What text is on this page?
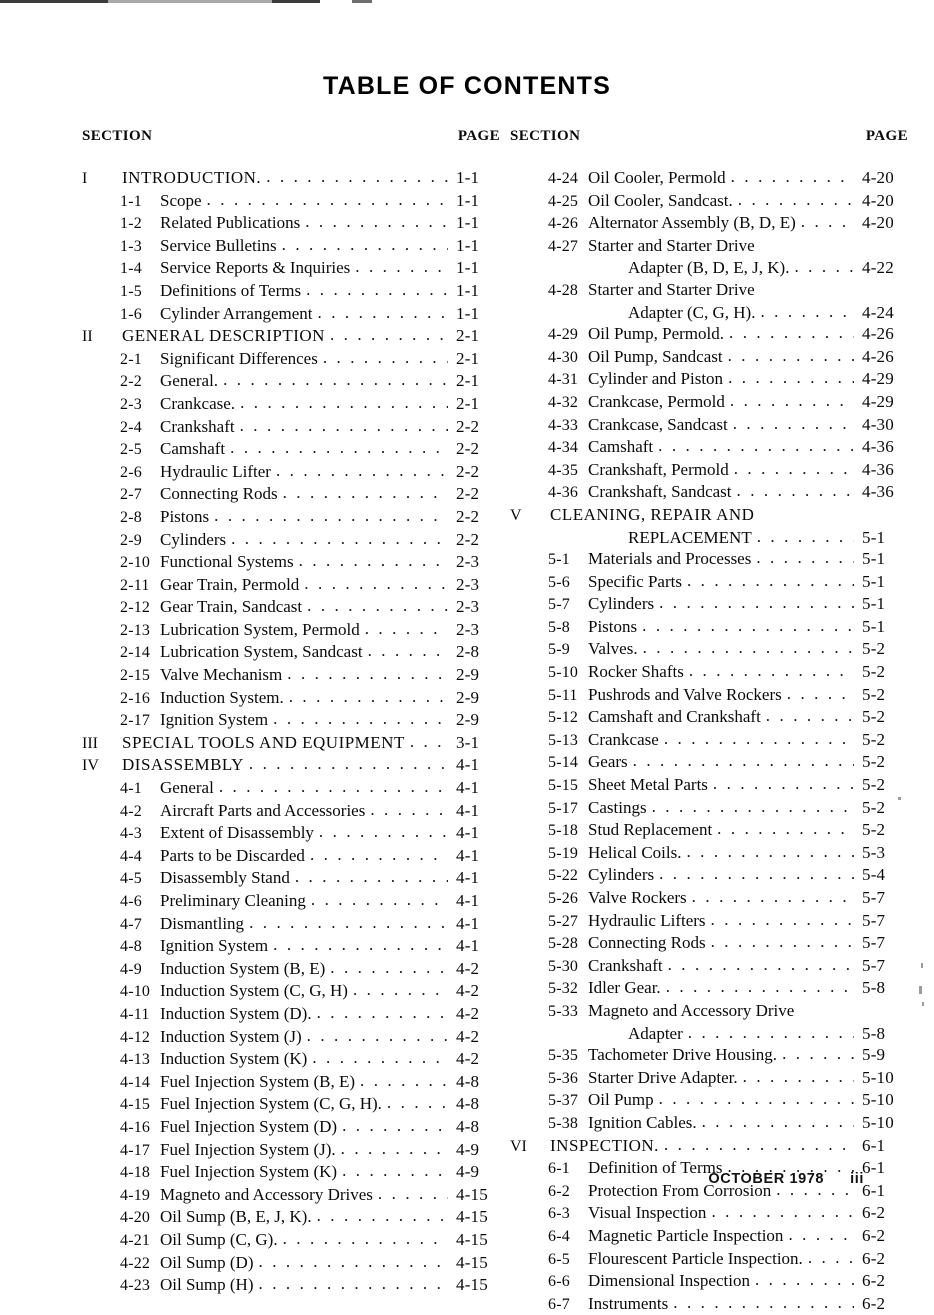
TABLE OF CONTENTS
SECTION	PAGE
I	INTRODUCTION. . . .	1-1
1-1	Scope . . .	1-1
1-2	Related Publications . . .	1-1
1-3	Service Bulletins . . .	1-1
1-4	Service Reports & Inquiries . . .	1-1
1-5	Definitions of Terms . . .	1-1
1-6	Cylinder Arrangement . . .	1-1
II	GENERAL DESCRIPTION . . .	2-1
2-1	Significant Differences . . .	2-1
2-2	General. . . .	2-1
2-3	Crankcase. . . .	2-1
2-4	Crankshaft . . .	2-2
2-5	Camshaft . . .	2-2
2-6	Hydraulic Lifter . . .	2-2
2-7	Connecting Rods . . .	2-2
2-8	Pistons . . .	2-2
2-9	Cylinders . . .	2-2
2-10 Functional Systems . . .	2-3
2-11 Gear Train, Permold . . .	2-3
2-12 Gear Train, Sandcast . . .	2-3
2-13 Lubrication System, Permold . . .	2-3
2-14 Lubrication System, Sandcast . . .	2-8
2-15 Valve Mechanism . . .	2-9
2-16 Induction System. . . .	2-9
2-17 Ignition System . . .	2-9
III	SPECIAL TOOLS AND EQUIPMENT . . .	3-1
IV	DISASSEMBLY . . .	4-1
4-1	General . . .	4-1
4-2	Aircraft Parts and Accessories . . .	4-1
4-3	Extent of Disassembly . . .	4-1
4-4	Parts to be Discarded . . .	4-1
4-5	Disassembly Stand . . .	4-1
4-6	Preliminary Cleaning . . .	4-1
4-7	Dismantling . . .	4-1
4-8	Ignition System . . .	4-1
4-9	Induction System (B, E) . . .	4-2
4-10 Induction System (C, G, H) . . .	4-2
4-11 Induction System (D). . . .	4-2
4-12 Induction System (J) . . .	4-2
4-13 Induction System (K) . . .	4-2
4-14 Fuel Injection System (B, E) . . .	4-8
4-15 Fuel Injection System (C, G, H). . . .	4-8
4-16 Fuel Injection System (D) . . .	4-8
4-17 Fuel Injection System (J). . . .	4-9
4-18 Fuel Injection System (K) . . .	4-9
4-19 Magneto and Accessory Drives . . .	4-15
4-20 Oil Sump (B, E, J, K). . . .	4-15
4-21 Oil Sump (C, G). . . .	4-15
4-22 Oil Sump (D) . . .	4-15
4-23 Oil Sump (H) . . .	4-15
SECTION	PAGE
4-24 Oil Cooler, Permold . . .	4-20
4-25 Oil Cooler, Sandcast. . . .	4-20
4-26 Alternator Assembly (B, D, E) . . .	4-20
4-27 Starter and Starter Drive
Adapter (B, D, E, J, K). . . .	4-22
4-28 Starter and Starter Drive
Adapter (C, G, H). . . .	4-24
4-29 Oil Pump, Permold. . . .	4-26
4-30 Oil Pump, Sandcast . . .	4-26
4-31 Cylinder and Piston . . .	4-29
4-32 Crankcase, Permold . . .	4-29
4-33 Crankcase, Sandcast . . .	4-30
4-34 Camshaft . . .	4-36
4-35 Crankshaft, Permold . . .	4-36
4-36 Crankshaft, Sandcast . . .	4-36
V	CLEANING, REPAIR AND
REPLACEMENT . . .	5-1
5-1	Materials and Processes . . .	5-1
5-6	Specific Parts . . .	5-1
5-7	Cylinders . . .	5-1
5-8	Pistons . . .	5-1
5-9	Valves. . . .	5-2
5-10 Rocker Shafts . . .	5-2
5-11 Pushrods and Valve Rockers . . .	5-2
5-12 Camshaft and Crankshaft . . .	5-2
5-13 Crankcase . . .	5-2
5-14 Gears . . .	5-2
5-15 Sheet Metal Parts . . .	5-2
5-17 Castings . . .	5-2
5-18 Stud Replacement . . .	5-2
5-19 Helical Coils. . . .	5-3
5-22 Cylinders . . .	5-4
5-26 Valve Rockers . . .	5-7
5-27 Hydraulic Lifters . . .	5-7
5-28 Connecting Rods . . .	5-7
5-30 Crankshaft . . .	5-7
5-32 Idler Gear. . . .	5-8
5-33 Magneto and Accessory Drive
Adapter . . .	5-8
5-35 Tachometer Drive Housing. . . .	5-9
5-36 Starter Drive Adapter. . . .	5-10
5-37 Oil Pump . . .	5-10
5-38 Ignition Cables. . . .	5-10
VI	INSPECTION. . . .	6-1
6-1	Definition of Terms . . .	6-1
6-2	Protection From Corrosion . . .	6-1
6-3	Visual Inspection . . .	6-2
6-4	Magnetic Particle Inspection . . .	6-2
6-5	Flourescent Particle Inspection. . . .	6-2
6-6	Dimensional Inspection . . .	6-2
6-7	Instruments . . .	6-2
OCTOBER 1978 iii
